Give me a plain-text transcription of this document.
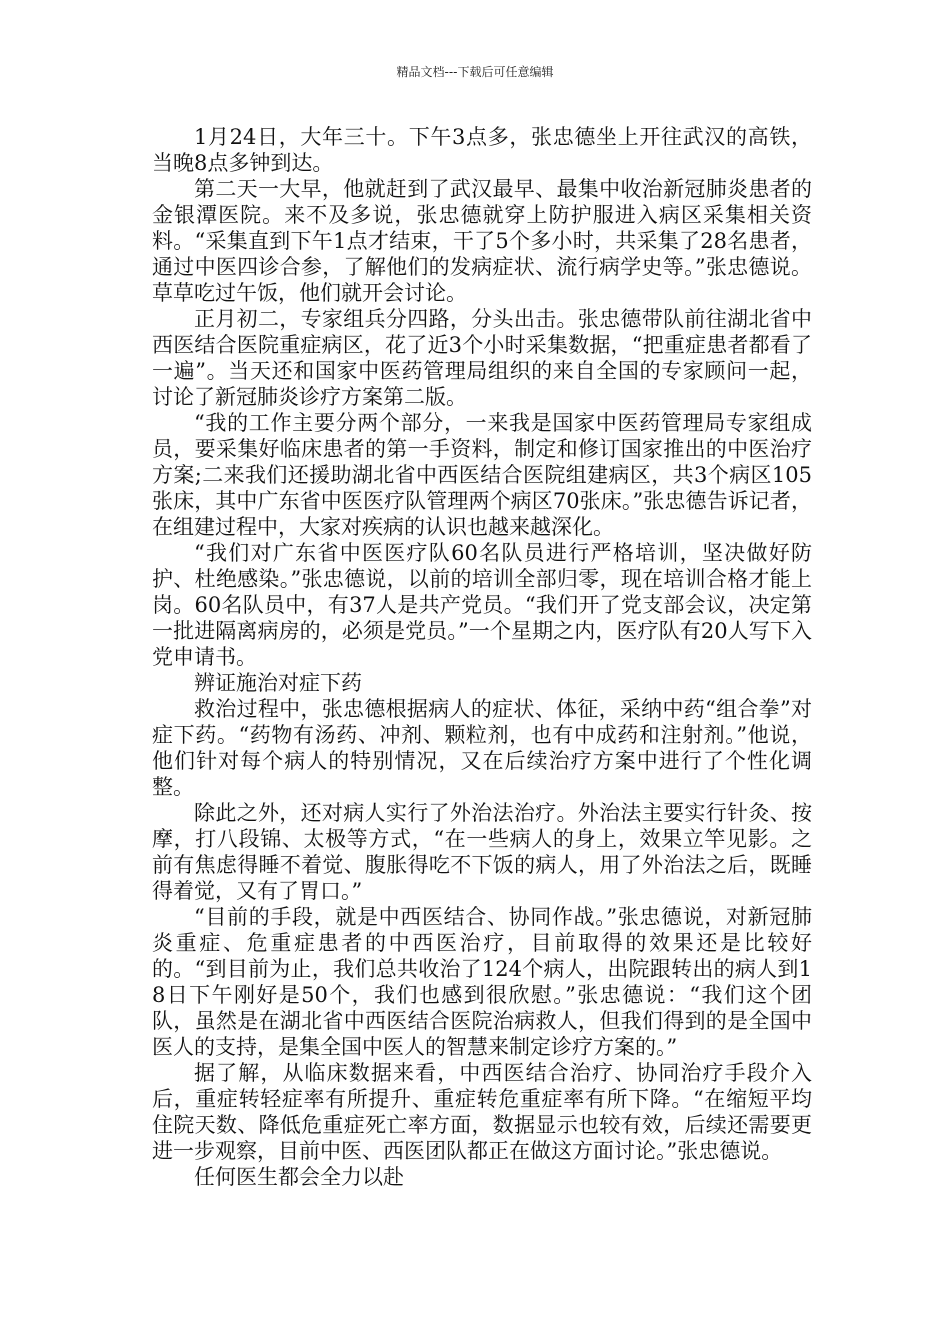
精品文档---下载后可任意编辑

1月24日，大年三十。下午3点多，张忠德坐上开往武汉的高铁，当晚8点多钟到达。

第二天一大早，他就赶到了武汉最早、最集中收治新冠肺炎患者的金银潭医院。来不及多说，张忠德就穿上防护服进入病区采集相关资料。“采集直到下午1点才结束，干了5个多小时，共采集了28名患者，通过中医四诊合参，了解他们的发病症状、流行病学史等。”张忠德说。草草吃过午饭，他们就开会讨论。

正月初二，专家组兵分四路，分头出击。张忠德带队前往湖北省中西医结合医院重症病区，花了近3个小时采集数据，“把重症患者都看了一遍”。当天还和国家中医药管理局组织的来自全国的专家顾问一起，讨论了新冠肺炎诊疗方案第二版。

“我的工作主要分两个部分，一来我是国家中医药管理局专家组成员，要采集好临床患者的第一手资料，制定和修订国家推出的中医治疗方案;二来我们还援助湖北省中西医结合医院组建病区，共3个病区105张床，其中广东省中医医疗队管理两个病区70张床。”张忠德告诉记者，在组建过程中，大家对疾病的认识也越来越深化。

“我们对广东省中医医疗队60名队员进行严格培训，坚决做好防护、杜绝感染。”张忠德说，以前的培训全部归零，现在培训合格才能上岗。60名队员中，有37人是共产党员。“我们开了党支部会议，决定第一批进隔离病房的，必须是党员。”一个星期之内，医疗队有20人写下入党申请书。

辨证施治对症下药

救治过程中，张忠德根据病人的症状、体征，采纳中药“组合拳”对症下药。“药物有汤药、冲剂、颗粒剂，也有中成药和注射剂。”他说，他们针对每个病人的特别情况，又在后续治疗方案中进行了个性化调整。

除此之外，还对病人实行了外治法治疗。外治法主要实行针灸、按摩，打八段锦、太极等方式，“在一些病人的身上，效果立竿见影。之前有焦虑得睡不着觉、腹胀得吃不下饭的病人，用了外治法之后，既睡得着觉，又有了胃口。”

“目前的手段，就是中西医结合、协同作战。”张忠德说，对新冠肺炎重症、危重症患者的中西医治疗，目前取得的效果还是比较好的。“到目前为止，我们总共收治了124个病人，出院跟转出的病人到18日下午刚好是50个，我们也感到很欣慰。”张忠德说：“我们这个团队，虽然是在湖北省中西医结合医院治病救人，但我们得到的是全国中医人的支持，是集全国中医人的智慧来制定诊疗方案的。”

据了解，从临床数据来看，中西医结合治疗、协同治疗手段介入后，重症转轻症率有所提升、重症转危重症率有所下降。“在缩短平均住院天数、降低危重症死亡率方面，数据显示也较有效，后续还需要更进一步观察，目前中医、西医团队都正在做这方面讨论。”张忠德说。

任何医生都会全力以赴
